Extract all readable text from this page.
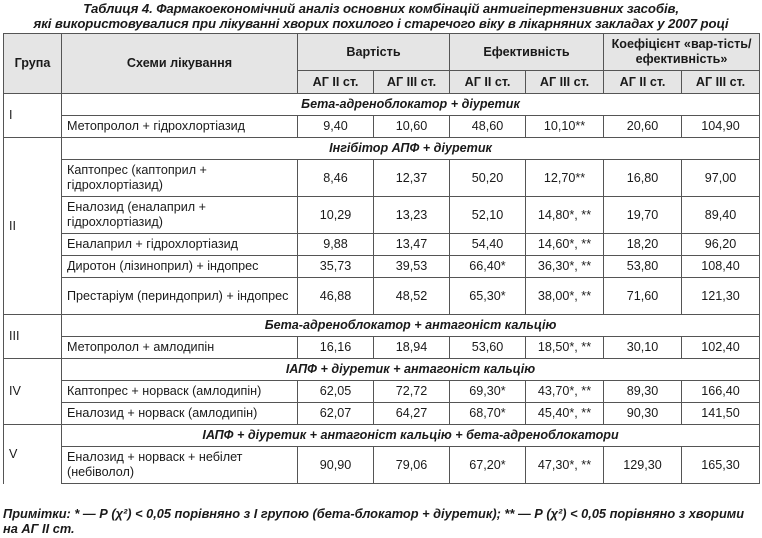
Таблиця 4. Фармакоекономічний аналіз основних комбінацій антигіпертензивних засобів,
які використовувалися при лікуванні хворих похилого і старечого віку в лікарняних закладах у 2007 році
Група	Схеми лікування	Вартість		Ефективність		Коефіцієнт «вар-тість/ефективність»	
		АГ ІІ ст.	АГ ІІІ ст.	АГ ІІ ст.	АГ ІІІ ст.	АГ ІІ ст.	АГ ІІІ ст.
І	Бета-адреноблокатор + діуретик						
	Метопролол + гідрохлортіазид	9,40	10,60	48,60	10,10**	20,60	104,90
ІІ	Інгібітор АПФ + діуретик						
	Каптопрес (каптоприл + гідрохлортіазид)	8,46	12,37	50,20	12,70**	16,80	97,00
	Еналозид (еналаприл + гідрохлортіазид)	10,29	13,23	52,10	14,80*, **	19,70	89,40
	Еналаприл + гідрохлортіазид	9,88	13,47	54,40	14,60*, **	18,20	96,20
	Диротон (лізиноприл) + індопрес	35,73	39,53	66,40*	36,30*, **	53,80	108,40
	Престаріум (периндоприл) + індопрес	46,88	48,52	65,30*	38,00*, **	71,60	121,30
ІІІ	Бета-адреноблокатор + антагоніст кальцію						
	Метопролол + амлодипін	16,16	18,94	53,60	18,50*, **	30,10	102,40
ІV	ІАПФ + діуретик + антагоніст кальцію						
	Каптопрес + норваск (амлодипін)	62,05	72,72	69,30*	43,70*, **	89,30	166,40
	Еналозид + норваск (амлодипін)	62,07	64,27	68,70*	45,40*, **	90,30	141,50
V	ІАПФ + діуретик + антагоніст кальцію + бета-адреноблокатори						
	Еналозид + норваск + небілет (небіволол)	90,90	79,06	67,20*	47,30*, **	129,30	165,30
Примітки: * — Р (χ²) < 0,05 порівняно з І групою (бета-блокатор + діуретик); ** — Р (χ²) < 0,05 порівняно з хворими на АГ ІІ ст.
